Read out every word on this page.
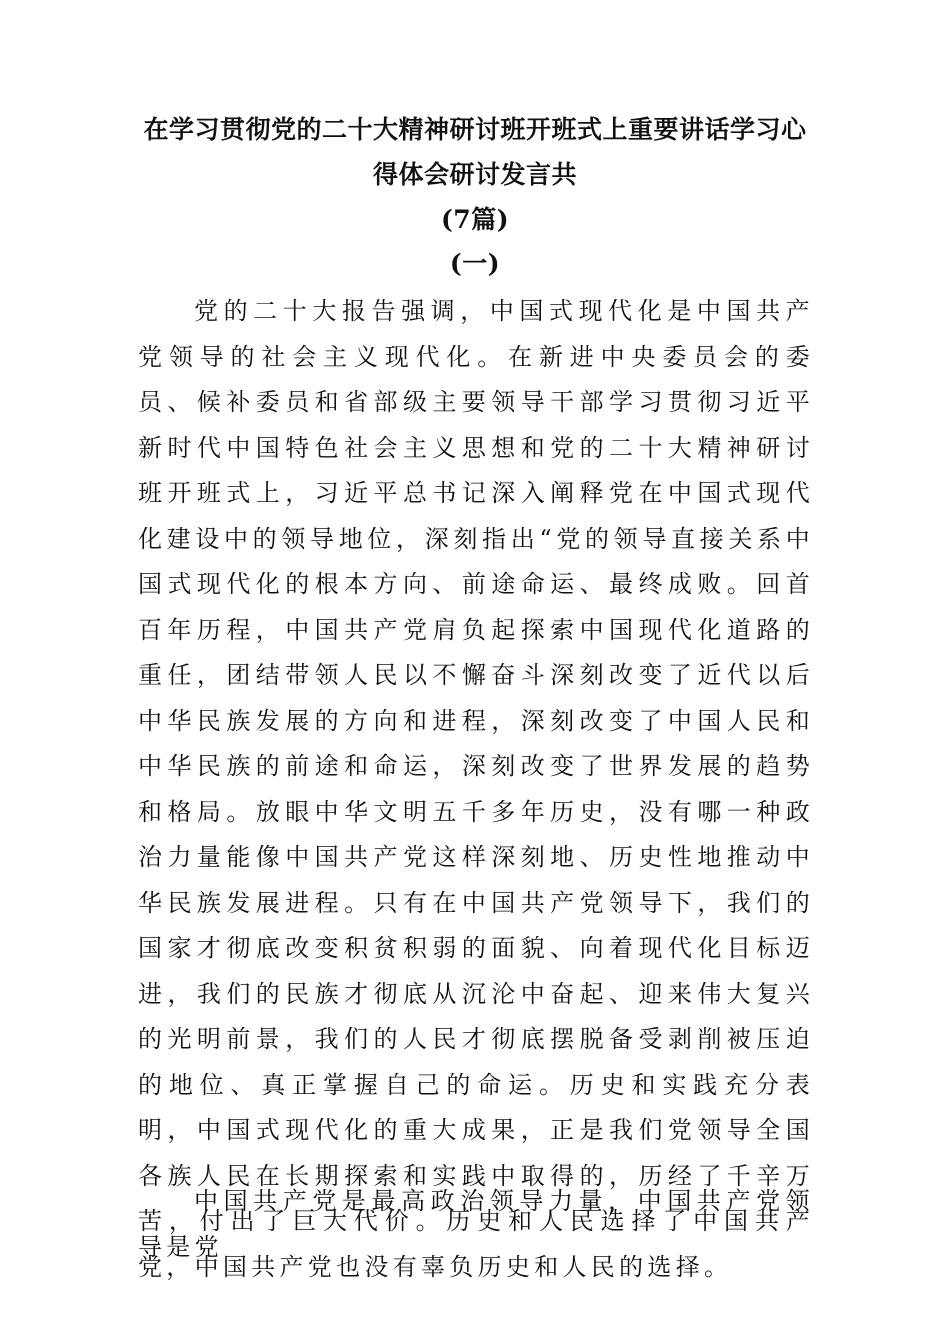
在学习贯彻党的二十大精神研讨班开班式上重要讲话学习心
得体会研讨发言共
(7篇)
(一)

党的二十大报告强调，中国式现代化是中国共产党领导的社会主义现代化。在新进中央委员会的委员、候补委员和省部级主要领导干部学习贯彻习近平新时代中国特色社会主义思想和党的二十大精神研讨班开班式上，习近平总书记深入阐释党在中国式现代化建设中的领导地位，深刻指出“党的领导直接关系中国式现代化的根本方向、前途命运、最终成败。回首百年历程，中国共产党肩负起探索中国现代化道路的重任，团结带领人民以不懈奋斗深刻改变了近代以后中华民族发展的方向和进程，深刻改变了中国人民和中华民族的前途和命运，深刻改变了世界发展的趋势和格局。放眼中华文明五千多年历史，没有哪一种政治力量能像中国共产党这样深刻地、历史性地推动中华民族发展进程。只有在中国共产党领导下，我们的国家才彻底改变积贫积弱的面貌、向着现代化目标迈进，我们的民族才彻底从沉沦中奋起、迎来伟大复兴的光明前景，我们的人民才彻底摆脱备受剥削被压迫的地位、真正掌握自己的命运。历史和实践充分表明，中国式现代化的重大成果，正是我们党领导全国各族人民在长期探索和实践中取得的，历经了千辛万苦，付出了巨大代价。历史和人民选择了中国共产党，中国共产党也没有辜负历史和人民的选择。

中国共产党是最高政治领导力量，中国共产党领导是党
